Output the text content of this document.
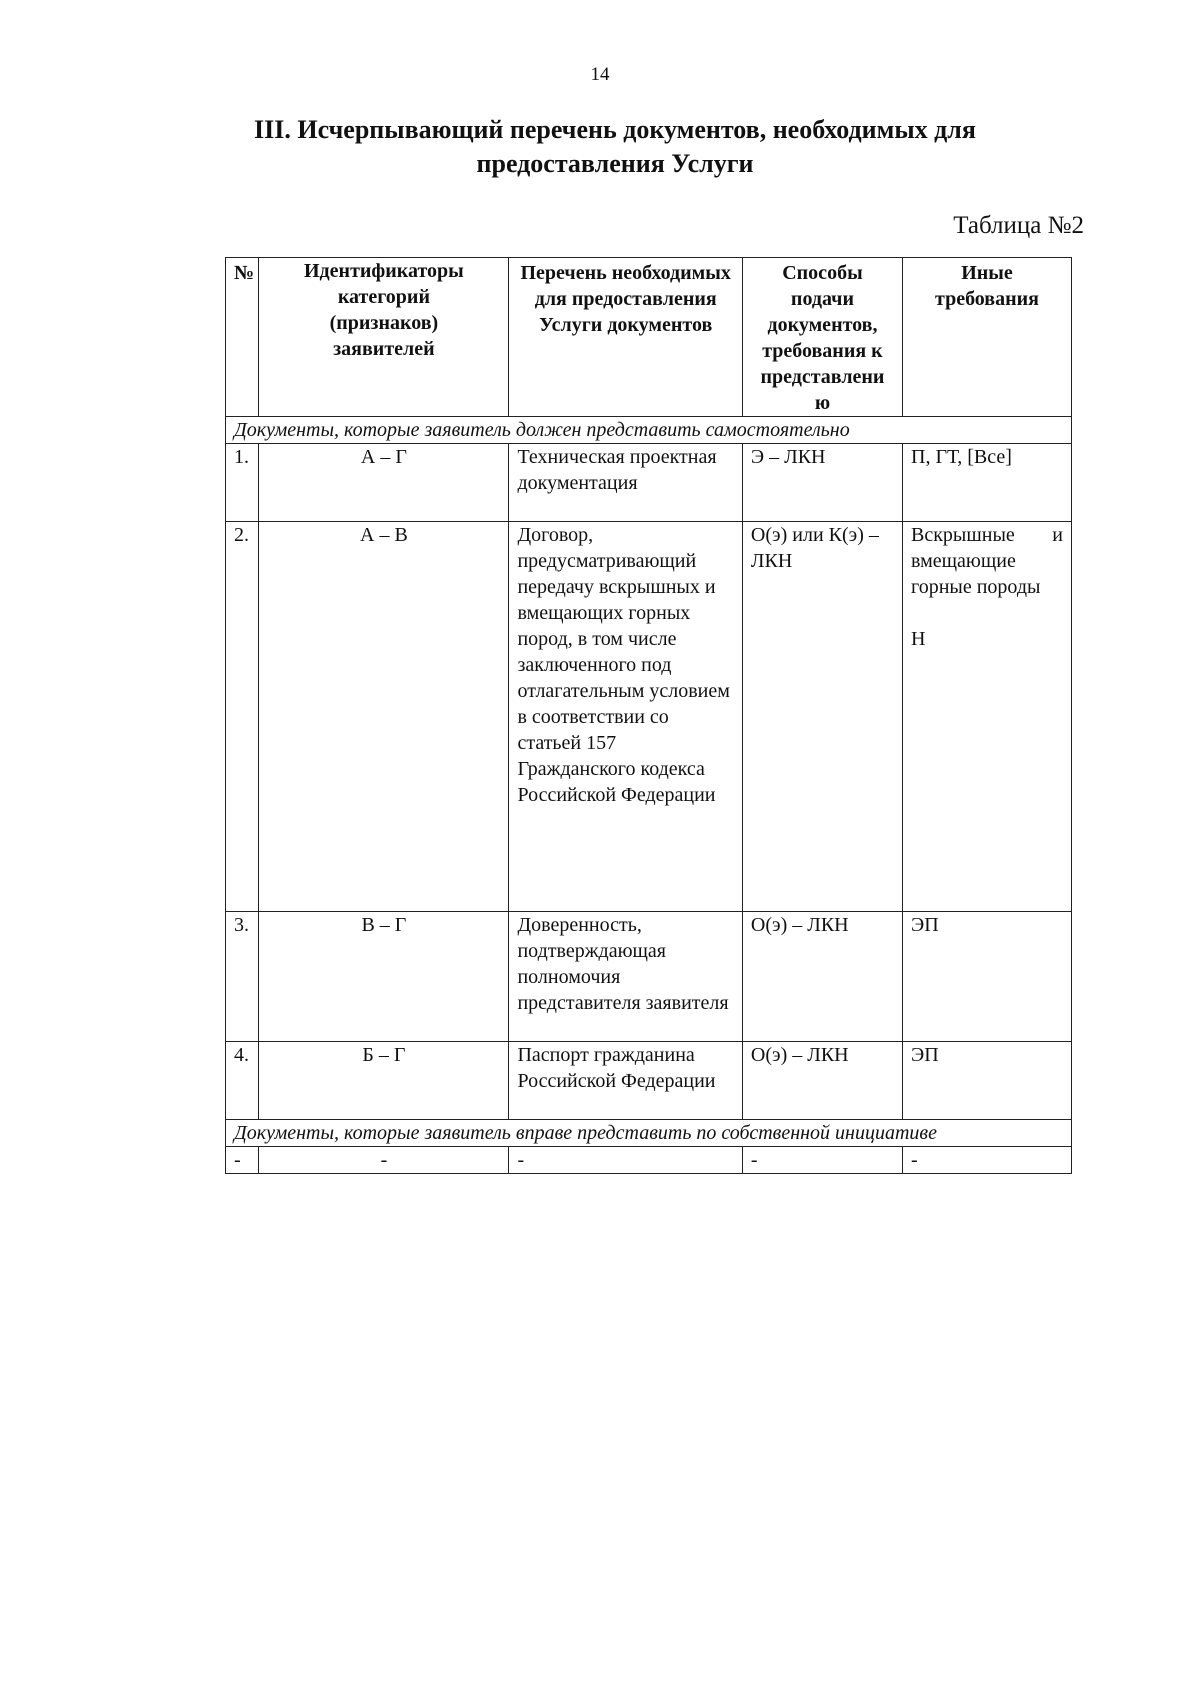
14
III. Исчерпывающий перечень документов, необходимых для
предоставления Услуги
Таблица №2
№	Идентификаторы категорий (признаков) заявителей	Перечень необходимых для предоставления Услуги документов	Способы подачи документов, требования к представлени ю	Иные требования
Документы, которые заявитель должен представить самостоятельно				
1.	А – Г	Техническая проектная документация	Э – ЛКН	П, ГТ, [Все]
2.	А – В	Договор, предусматривающий передачу вскрышных и вмещающих горных пород, в том числе заключенного под отлагательным условием в соответствии со статьей 157 Гражданского кодекса Российской Федерации	О(э) или К(э) – ЛКН	Вскрышные и вмещающие горные породы
Н

3.	В – Г	Доверенность, подтверждающая полномочия представителя заявителя	О(э) – ЛКН	ЭП
4.	Б – Г	Паспорт гражданина Российской Федерации	О(э) – ЛКН	ЭП
Документы, которые заявитель вправе представить по собственной инициативе				
-	-	-	-	-
